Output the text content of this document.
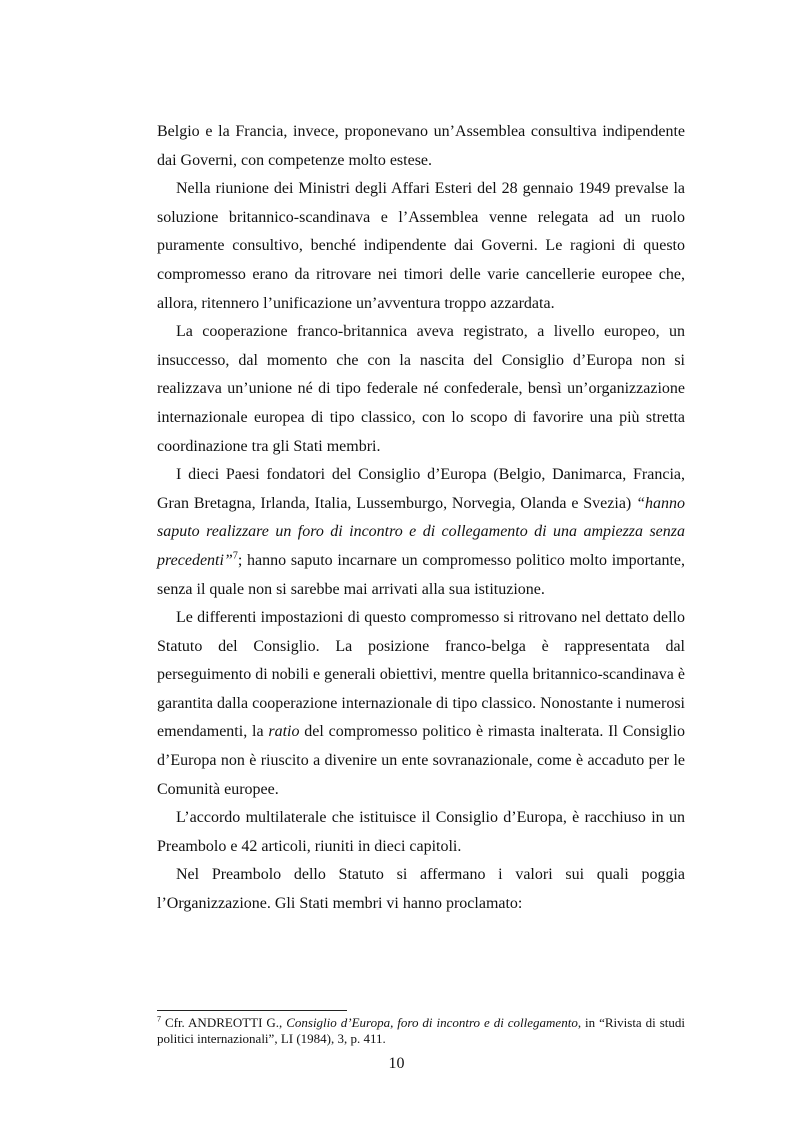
Belgio e la Francia, invece, proponevano un’Assemblea consultiva indipendente dai Governi, con competenze molto estese.

Nella riunione dei Ministri degli Affari Esteri del 28 gennaio 1949 prevalse la soluzione britannico-scandinava e l’Assemblea venne relegata ad un ruolo puramente consultivo, benché indipendente dai Governi. Le ragioni di questo compromesso erano da ritrovare nei timori delle varie cancellerie europee che, allora, ritennero l’unificazione un’avventura troppo azzardata.

La cooperazione franco-britannica aveva registrato, a livello europeo, un insuccesso, dal momento che con la nascita del Consiglio d’Europa non si realizzava un’unione né di tipo federale né confederale, bensì un’organizzazione internazionale europea di tipo classico, con lo scopo di favorire una più stretta coordinazione tra gli Stati membri.

I dieci Paesi fondatori del Consiglio d’Europa (Belgio, Danimarca, Francia, Gran Bretagna, Irlanda, Italia, Lussemburgo, Norvegia, Olanda e Svezia) “hanno saputo realizzare un foro di incontro e di collegamento di una ampiezza senza precedenti”$^7$; hanno saputo incarnare un compromesso politico molto importante, senza il quale non si sarebbe mai arrivati alla sua istituzione.

Le differenti impostazioni di questo compromesso si ritrovano nel dettato dello Statuto del Consiglio. La posizione franco-belga è rappresentata dal perseguimento di nobili e generali obiettivi, mentre quella britannico-scandinava è garantita dalla cooperazione internazionale di tipo classico. Nonostante i numerosi emendamenti, la ratio del compromesso politico è rimasta inalterata. Il Consiglio d’Europa non è riuscito a divenire un ente sovranazionale, come è accaduto per le Comunità europee.

L’accordo multilaterale che istituisce il Consiglio d’Europa, è racchiuso in un Preambolo e 42 articoli, riuniti in dieci capitoli.

Nel Preambolo dello Statuto si affermano i valori sui quali poggia l’Organizzazione. Gli Stati membri vi hanno proclamato:

$^7$ Cfr. ANDREOTTI G., Consiglio d’Europa, foro di incontro e di collegamento, in “Rivista di studi politici internazionali”, LI (1984), 3, p. 411.
10
